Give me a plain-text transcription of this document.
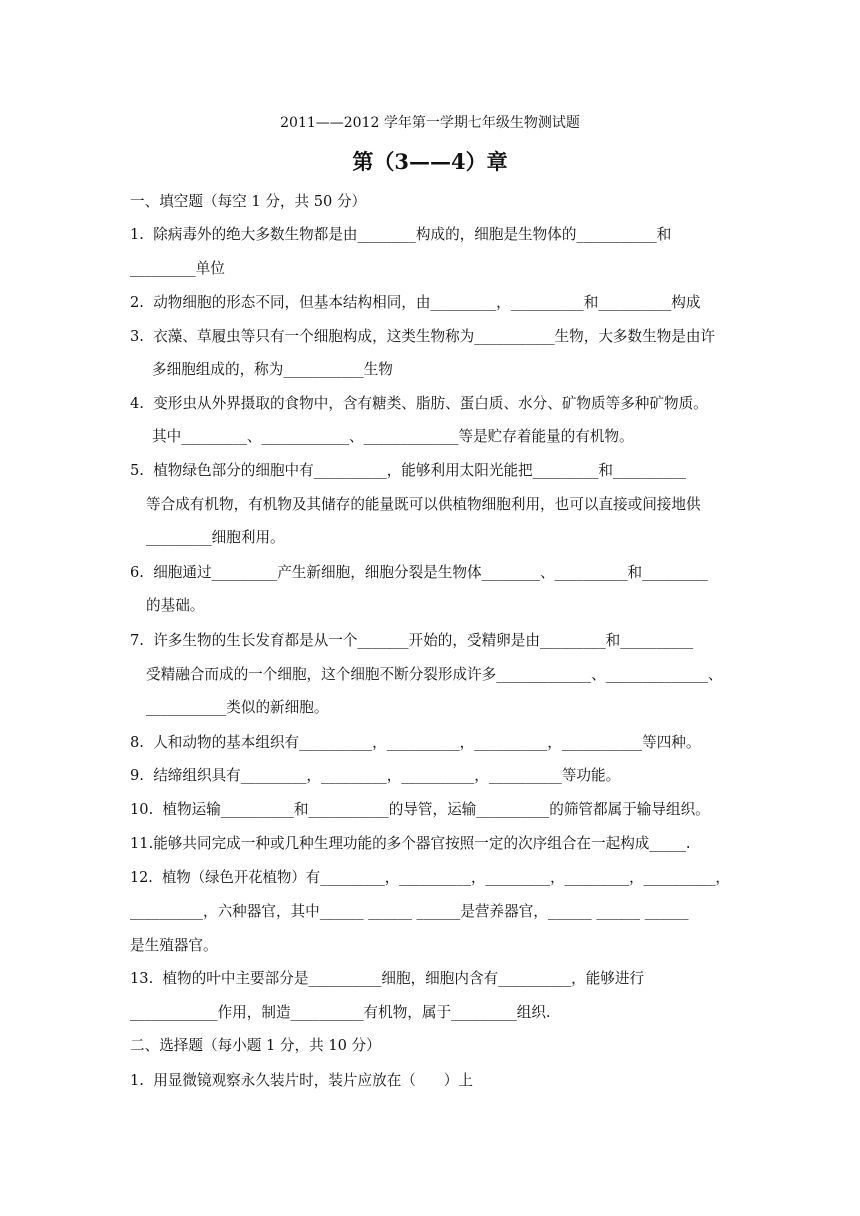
2011——2012 学年第一学期七年级生物测试题
第（3——4）章
一、填空题（每空 1 分，共 50 分）
1.  除病毒外的绝大多数生物都是由________构成的，细胞是生物体的___________和
_________单位
2.  动物细胞的形态不同，但基本结构相同，由_________，__________和__________构成
3.  衣藻、草履虫等只有一个细胞构成，这类生物称为___________生物，大多数生物是由许
多细胞组成的，称为___________生物
4.  变形虫从外界摄取的食物中，含有糖类、脂肪、蛋白质、水分、矿物质等多种矿物质。
其中_________、____________、_____________等是贮存着能量的有机物。
5.  植物绿色部分的细胞中有__________，能够利用太阳光能把_________和__________
等合成有机物，有机物及其储存的能量既可以供植物细胞利用，也可以直接或间接地供
_________细胞利用。
6.  细胞通过_________产生新细胞，细胞分裂是生物体________、__________和_________
的基础。
7.  许多生物的生长发育都是从一个_______开始的，受精卵是由_________和__________
受精融合而成的一个细胞，这个细胞不断分裂形成许多_____________、______________、
___________类似的新细胞。
8.  人和动物的基本组织有__________，__________，__________，___________等四种。
9.  结缔组织具有_________，_________，__________，__________等功能。
10.  植物运输__________和___________的导管，运输__________的筛管都属于输导组织。
11.能够共同完成一种或几种生理功能的多个器官按照一定的次序组合在一起构成_____.
12.  植物（绿色开花植物）有_________，__________，_________，_________，__________，
__________，六种器官，其中______ ______ ______是营养器官，______ ______ ______
是生殖器官。
13.  植物的叶中主要部分是__________细胞，细胞内含有__________，能够进行
____________作用，制造__________有机物，属于_________组织.
二、选择题（每小题 1 分，共 10 分）
1.  用显微镜观察永久装片时，装片应放在（      ）上
